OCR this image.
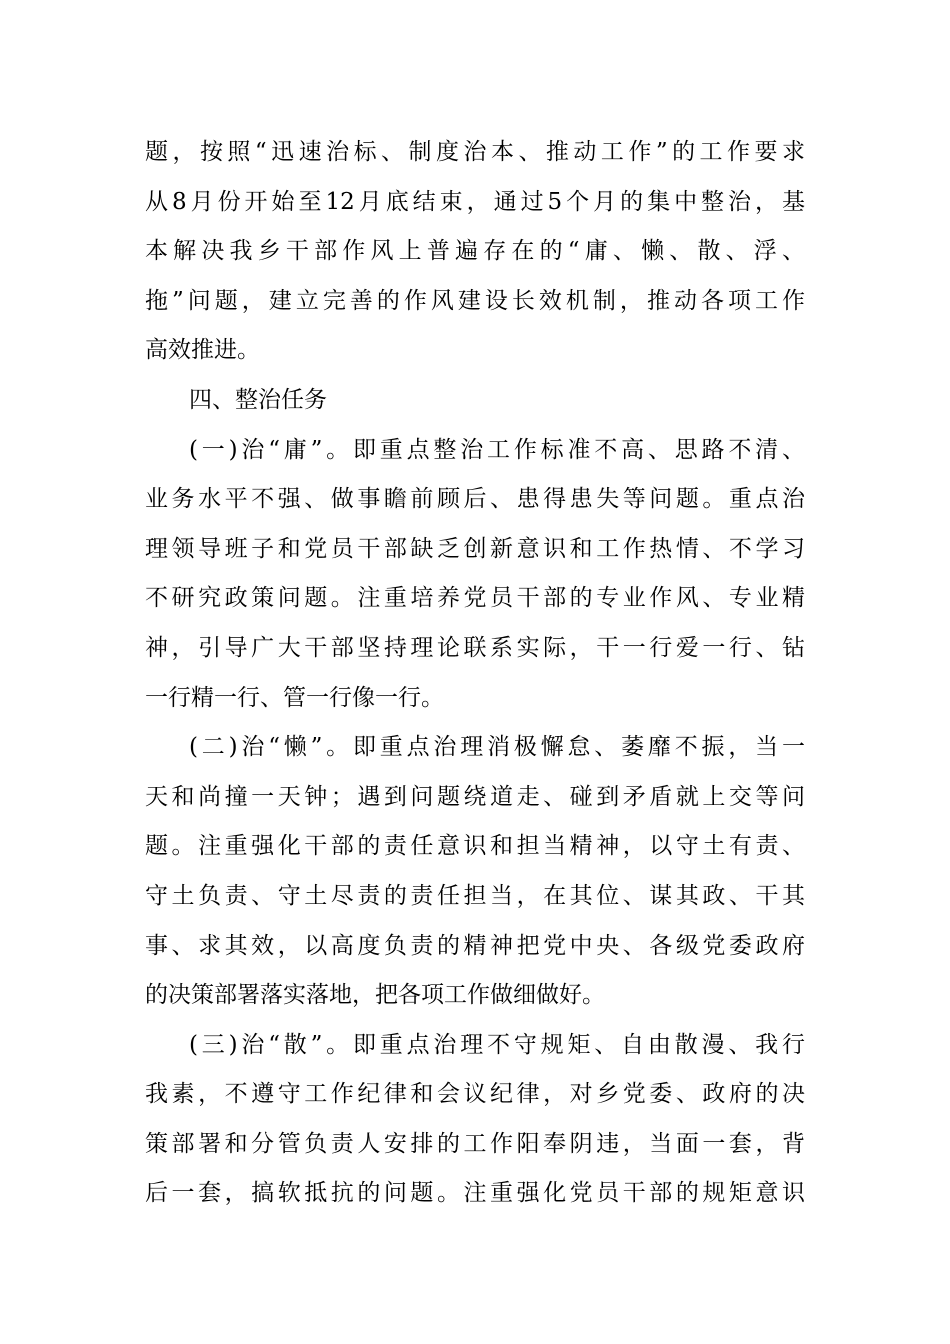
题，按照“迅速治标、制度治本、推动工作”的工作要求
从8月份开始至12月底结束，通过5个月的集中整治，基
本解决我乡干部作风上普遍存在的“庸、懒、散、浮、
拖”问题，建立完善的作风建设长效机制，推动各项工作
高效推进。
四、整治任务
(一)治“庸”。即重点整治工作标准不高、思路不清、
业务水平不强、做事瞻前顾后、患得患失等问题。重点治
理领导班子和党员干部缺乏创新意识和工作热情、不学习
不研究政策问题。注重培养党员干部的专业作风、专业精
神，引导广大干部坚持理论联系实际，干一行爱一行、钻
一行精一行、管一行像一行。
(二)治“懒”。即重点治理消极懈怠、萎靡不振，当一
天和尚撞一天钟；遇到问题绕道走、碰到矛盾就上交等问
题。注重强化干部的责任意识和担当精神，以守土有责、
守土负责、守土尽责的责任担当，在其位、谋其政、干其
事、求其效，以高度负责的精神把党中央、各级党委政府
的决策部署落实落地，把各项工作做细做好。
(三)治“散”。即重点治理不守规矩、自由散漫、我行
我素，不遵守工作纪律和会议纪律，对乡党委、政府的决
策部署和分管负责人安排的工作阳奉阴违，当面一套，背
后一套，搞软抵抗的问题。注重强化党员干部的规矩意识
